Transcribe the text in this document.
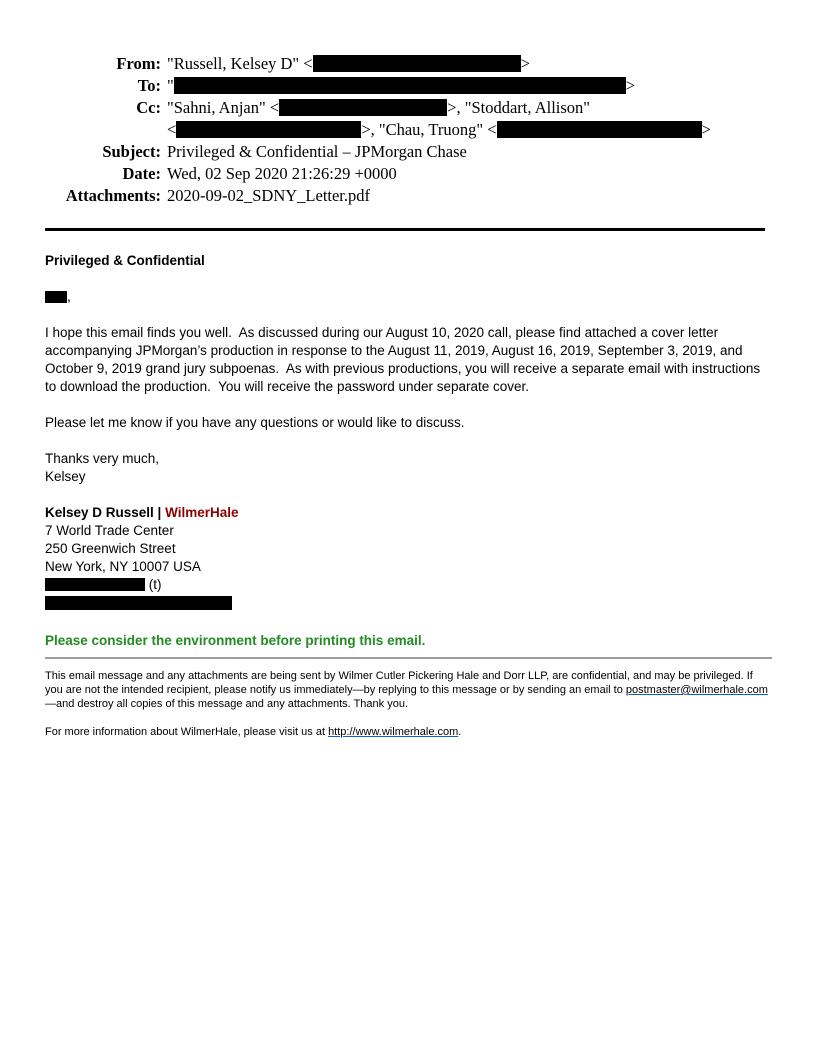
From: "Russell, Kelsey D" <	>
To: "	>
Cc: "Sahni, Anjan" <	>, "Stoddart, Allison"
<	>, "Chau, Truong" <	>
Subject: Privileged & Confidential – JPMorgan Chase
Date: Wed, 02 Sep 2020 21:26:29 +0000
Attachments: 2020-09-02_SDNY_Letter.pdf
Privileged & Confidential

,

I hope this email finds you well.  As discussed during our August 10, 2020 call, please find attached a cover letter accompanying JPMorgan’s production in response to the August 11, 2019, August 16, 2019, September 3, 2019, and October 9, 2019 grand jury subpoenas.  As with previous productions, you will receive a separate email with instructions to download the production.  You will receive the password under separate cover.

Please let me know if you have any questions or would like to discuss.

Thanks very much,
Kelsey

Kelsey D Russell | WilmerHale
7 World Trade Center
250 Greenwich Street
New York, NY 10007 USA
(t)
Please consider the environment before printing this email.

This email message and any attachments are being sent by Wilmer Cutler Pickering Hale and Dorr LLP, are confidential, and may be privileged. If you are not the intended recipient, please notify us immediately—by replying to this message or by sending an email to postmaster@wilmerhale.com—and destroy all copies of this message and any attachments. Thank you.

For more information about WilmerHale, please visit us at http://www.wilmerhale.com.
